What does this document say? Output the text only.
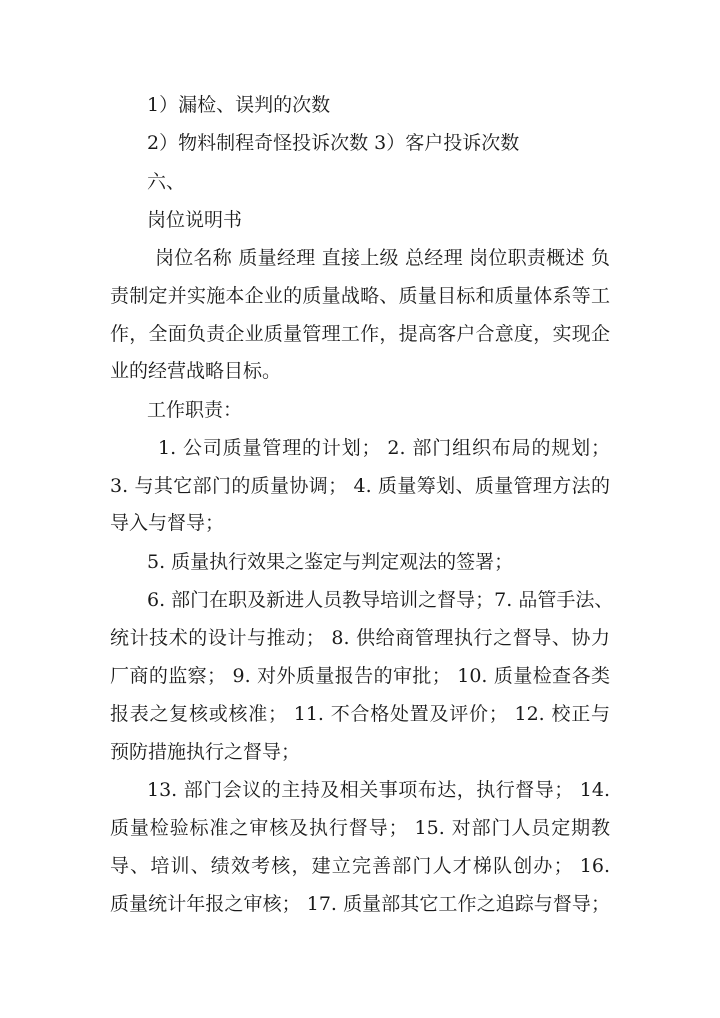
1）漏检、误判的次数
2）物料制程奇怪投诉次数 3）客户投诉次数
六、
岗位说明书
岗位名称 质量经理 直接上级 总经理 岗位职责概述 负
责制定并实施本企业的质量战略、质量目标和质量体系等工
作，全面负责企业质量管理工作，提高客户合意度，实现企
业的经营战略目标。
工作职责：
1. 公司质量管理的计划； 2. 部门组织布局的规划；
3. 与其它部门的质量协调； 4. 质量筹划、质量管理方法的
导入与督导；
5. 质量执行效果之鉴定与判定观法的签署；
6. 部门在职及新进人员教导培训之督导；7. 品管手法、
统计技术的设计与推动； 8. 供给商管理执行之督导、协力
厂商的监察； 9. 对外质量报告的审批； 10. 质量检查各类
报表之复核或核准； 11. 不合格处置及评价； 12. 校正与
预防措施执行之督导；
13. 部门会议的主持及相关事项布达，执行督导； 14.
质量检验标准之审核及执行督导； 15. 对部门人员定期教
导、培训、绩效考核，建立完善部门人才梯队创办； 16.
质量统计年报之审核； 17. 质量部其它工作之追踪与督导；
